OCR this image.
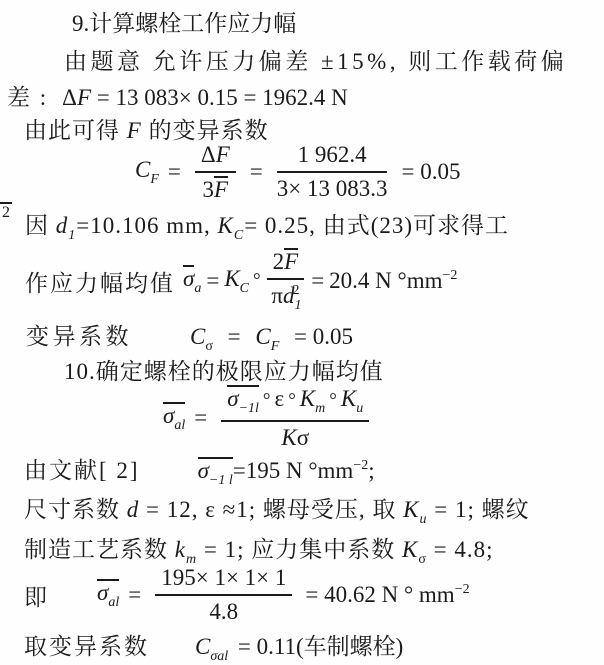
2
9.计算螺栓工作应力幅
由题意 允许压力偏差 ±15%, 则工作载荷偏
差 : ΔF = 13 083× 0.15 = 1962.4 N
由此可得 F 的变异系数
$C_F = \frac{\Delta F}{3F} = \frac{1 962.4}{3\times 13 083.3} = 0.05$
因 $d_1=10.106$ mm, $K_C= 0.25$, 由式(23)可求得工
作应力幅均值 $\sigma_a = K_C$ ° $\frac{2F}{\pi d_1^2} = 20.4$ N $^\circ mm^{-2}$
变异系数	$C_\sigma = C_F = 0.05$
10.确定螺栓的极限应力幅均值
$\sigma_{al} = \frac{\sigma_{-1l} ^\circ \varepsilon ^\circ K_m ^\circ K_u}{K\sigma}$
由文献[ 2]	$\sigma_{-1 l}=195$ N $^\circ mm^{-2}$;
尺寸系数 d = 12, ε ≈1; 螺母受压, 取 $K_u = 1$; 螺纹
制造工艺系数 $k_m = 1$; 应力集中系数 $K_\sigma = 4.8$;
即 $\sigma_{al} = \frac{195\times 1\times 1\times 1}{4.8} = 40.62$ N ° $mm^{-2}$
取变异系数 $C_{\sigma al} = 0.11$(车制螺栓)
